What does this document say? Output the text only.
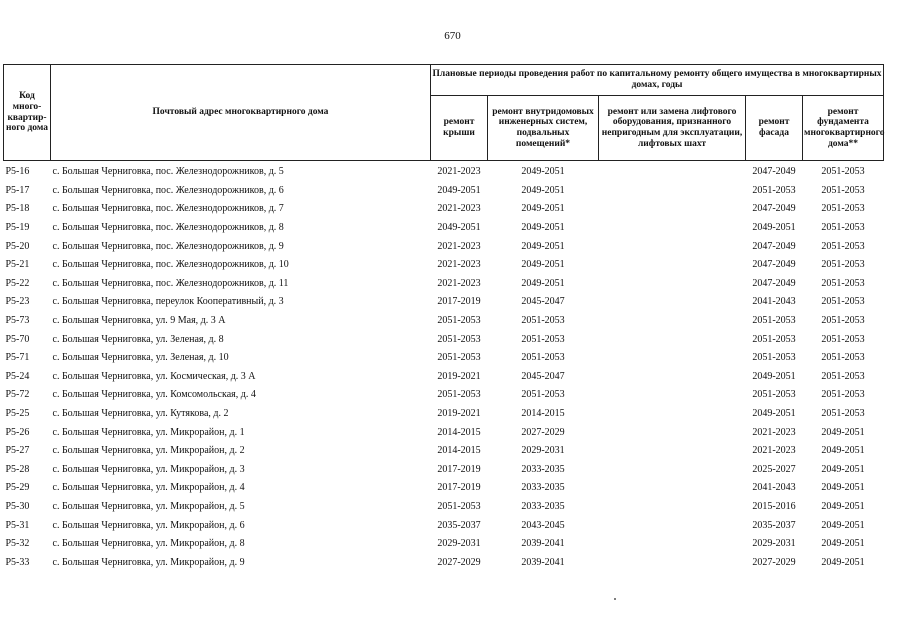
670
Код много-квартир-ного дома	Почтовый адрес многоквартирного дома	Плановые периоды проведения работ по капитальному ремонту общего имущества в многоквартирных домах, годы				
		ремонт крыши	ремонт внутридомовых инженерных систем, подвальных помещений*	ремонт или замена лифтового оборудования, признанного непригодным для эксплуатации, лифтовых шахт	ремонт фасада	ремонт фундамента многоквартирного дома**
Р5-16	с. Большая Черниговка, пос. Железнодорожников, д. 5	2021-2023	2049-2051		2047-2049	2051-2053
Р5-17	с. Большая Черниговка, пос. Железнодорожников, д. 6	2049-2051	2049-2051		2051-2053	2051-2053
Р5-18	с. Большая Черниговка, пос. Железнодорожников, д. 7	2021-2023	2049-2051		2047-2049	2051-2053
Р5-19	с. Большая Черниговка, пос. Железнодорожников, д. 8	2049-2051	2049-2051		2049-2051	2051-2053
Р5-20	с. Большая Черниговка, пос. Железнодорожников, д. 9	2021-2023	2049-2051		2047-2049	2051-2053
Р5-21	с. Большая Черниговка, пос. Железнодорожников, д. 10	2021-2023	2049-2051		2047-2049	2051-2053
Р5-22	с. Большая Черниговка, пос. Железнодорожников, д. 11	2021-2023	2049-2051		2047-2049	2051-2053
Р5-23	с. Большая Черниговка, переулок Кооперативный, д. 3	2017-2019	2045-2047		2041-2043	2051-2053
Р5-73	с. Большая Черниговка, ул. 9 Мая, д. 3 А	2051-2053	2051-2053		2051-2053	2051-2053
Р5-70	с. Большая Черниговка, ул. Зеленая, д. 8	2051-2053	2051-2053		2051-2053	2051-2053
Р5-71	с. Большая Черниговка, ул. Зеленая, д. 10	2051-2053	2051-2053		2051-2053	2051-2053
Р5-24	с. Большая Черниговка, ул. Космическая, д. 3 А	2019-2021	2045-2047		2049-2051	2051-2053
Р5-72	с. Большая Черниговка, ул. Комсомольская, д. 4	2051-2053	2051-2053		2051-2053	2051-2053
Р5-25	с. Большая Черниговка, ул. Кутякова, д. 2	2019-2021	2014-2015		2049-2051	2051-2053
Р5-26	с. Большая Черниговка, ул. Микрорайон, д. 1	2014-2015	2027-2029		2021-2023	2049-2051
Р5-27	с. Большая Черниговка, ул. Микрорайон, д. 2	2014-2015	2029-2031		2021-2023	2049-2051
Р5-28	с. Большая Черниговка, ул. Микрорайон, д. 3	2017-2019	2033-2035		2025-2027	2049-2051
Р5-29	с. Большая Черниговка, ул. Микрорайон, д. 4	2017-2019	2033-2035		2041-2043	2049-2051
Р5-30	с. Большая Черниговка, ул. Микрорайон, д. 5	2051-2053	2033-2035		2015-2016	2049-2051
Р5-31	с. Большая Черниговка, ул. Микрорайон, д. 6	2035-2037	2043-2045		2035-2037	2049-2051
Р5-32	с. Большая Черниговка, ул. Микрорайон, д. 8	2029-2031	2039-2041		2029-2031	2049-2051
Р5-33	с. Большая Черниговка, ул. Микрорайон, д. 9	2027-2029	2039-2041		2027-2029	2049-2051
